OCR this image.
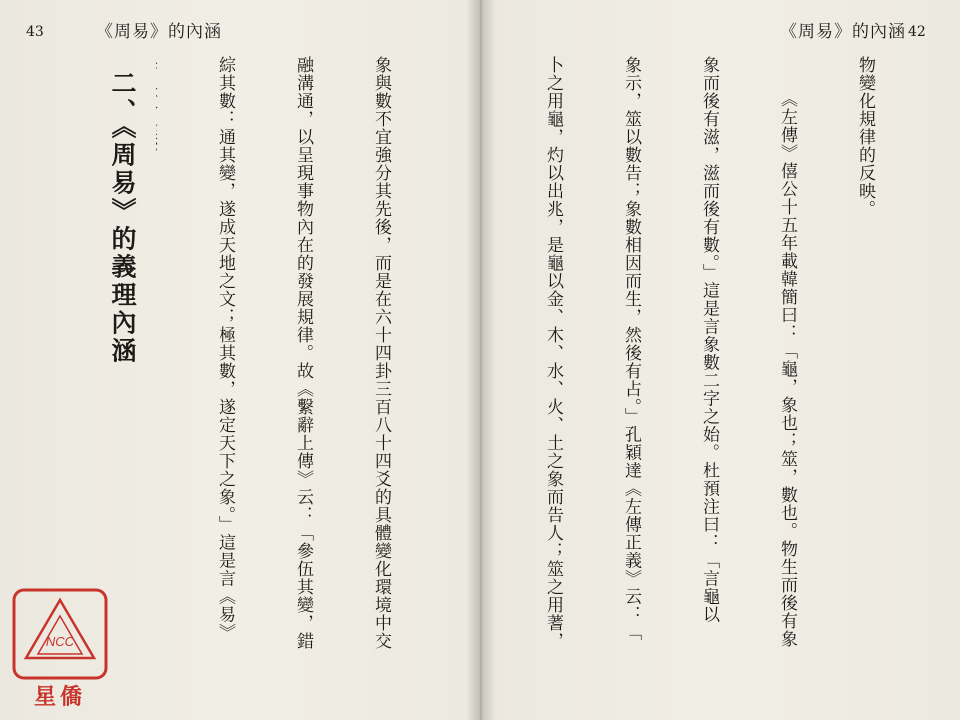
43	《周易》的內涵

象與數不宜強分其先後，而是在六十四卦三百八十四爻的具體變化環境中交

融溝通，以呈現事物內在的發展規律。故《繫辭上傳》云：「參伍其變，錯

綜其數：通其變，遂成天地之文；極其數，遂定天下之象。」這是言《易》

二、《周易》的義理內涵

NCC
星僑
《周易》的內涵 42

物變化規律的反映。

《左傳》僖公十五年載韓簡曰：「龜，象也；筮，數也。物生而後有象

象而後有滋，滋而後有數。」這是言象數二字之始。杜預注曰：「言龜以

象示，筮以數告；象數相因而生，然後有占。」孔穎達《左傳正義》云：「

卜之用龜，灼以出兆，是龜以金、木、水、火、土之象而告人；筮之用蓍，
